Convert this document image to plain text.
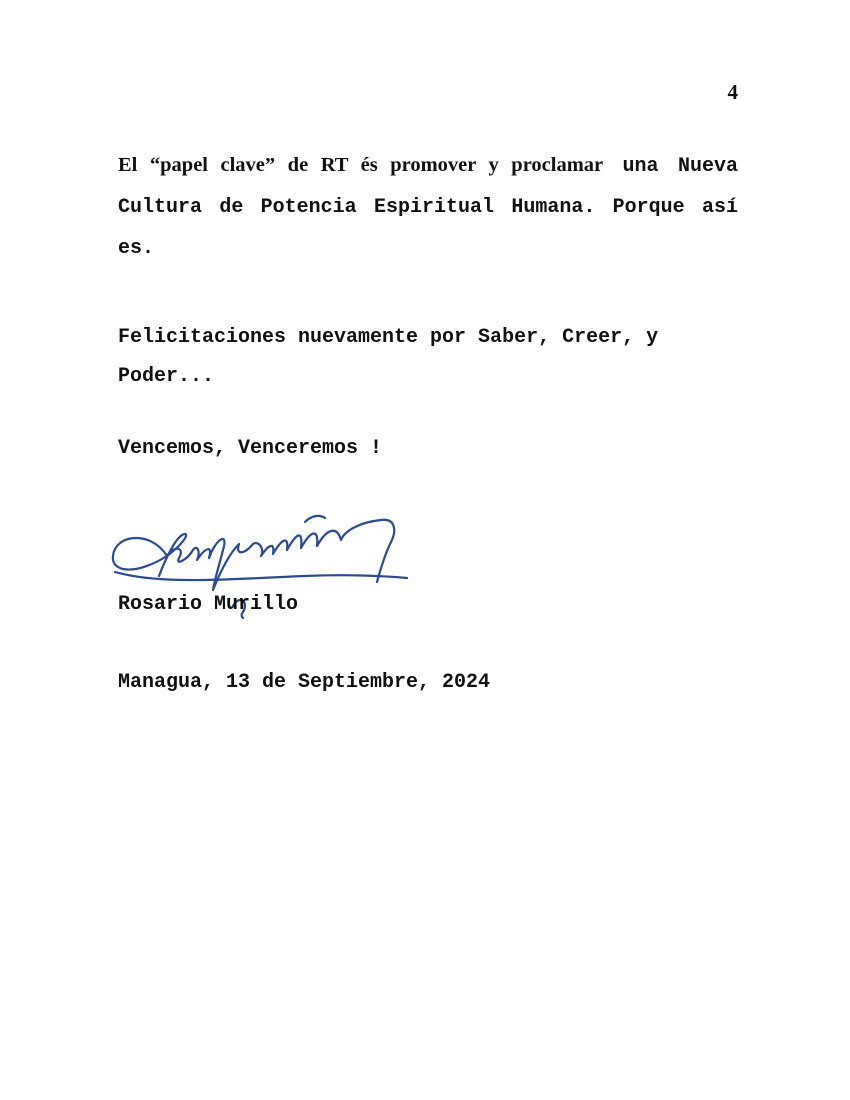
4

El “papel clave” de RT és promover y proclamar una Nueva Cultura de Potencia Espiritual Humana. Porque así es.

Felicitaciones nuevamente por Saber, Creer, y Poder...

Vencemos, Venceremos !

Rosario Murillo

Managua, 13 de Septiembre, 2024
